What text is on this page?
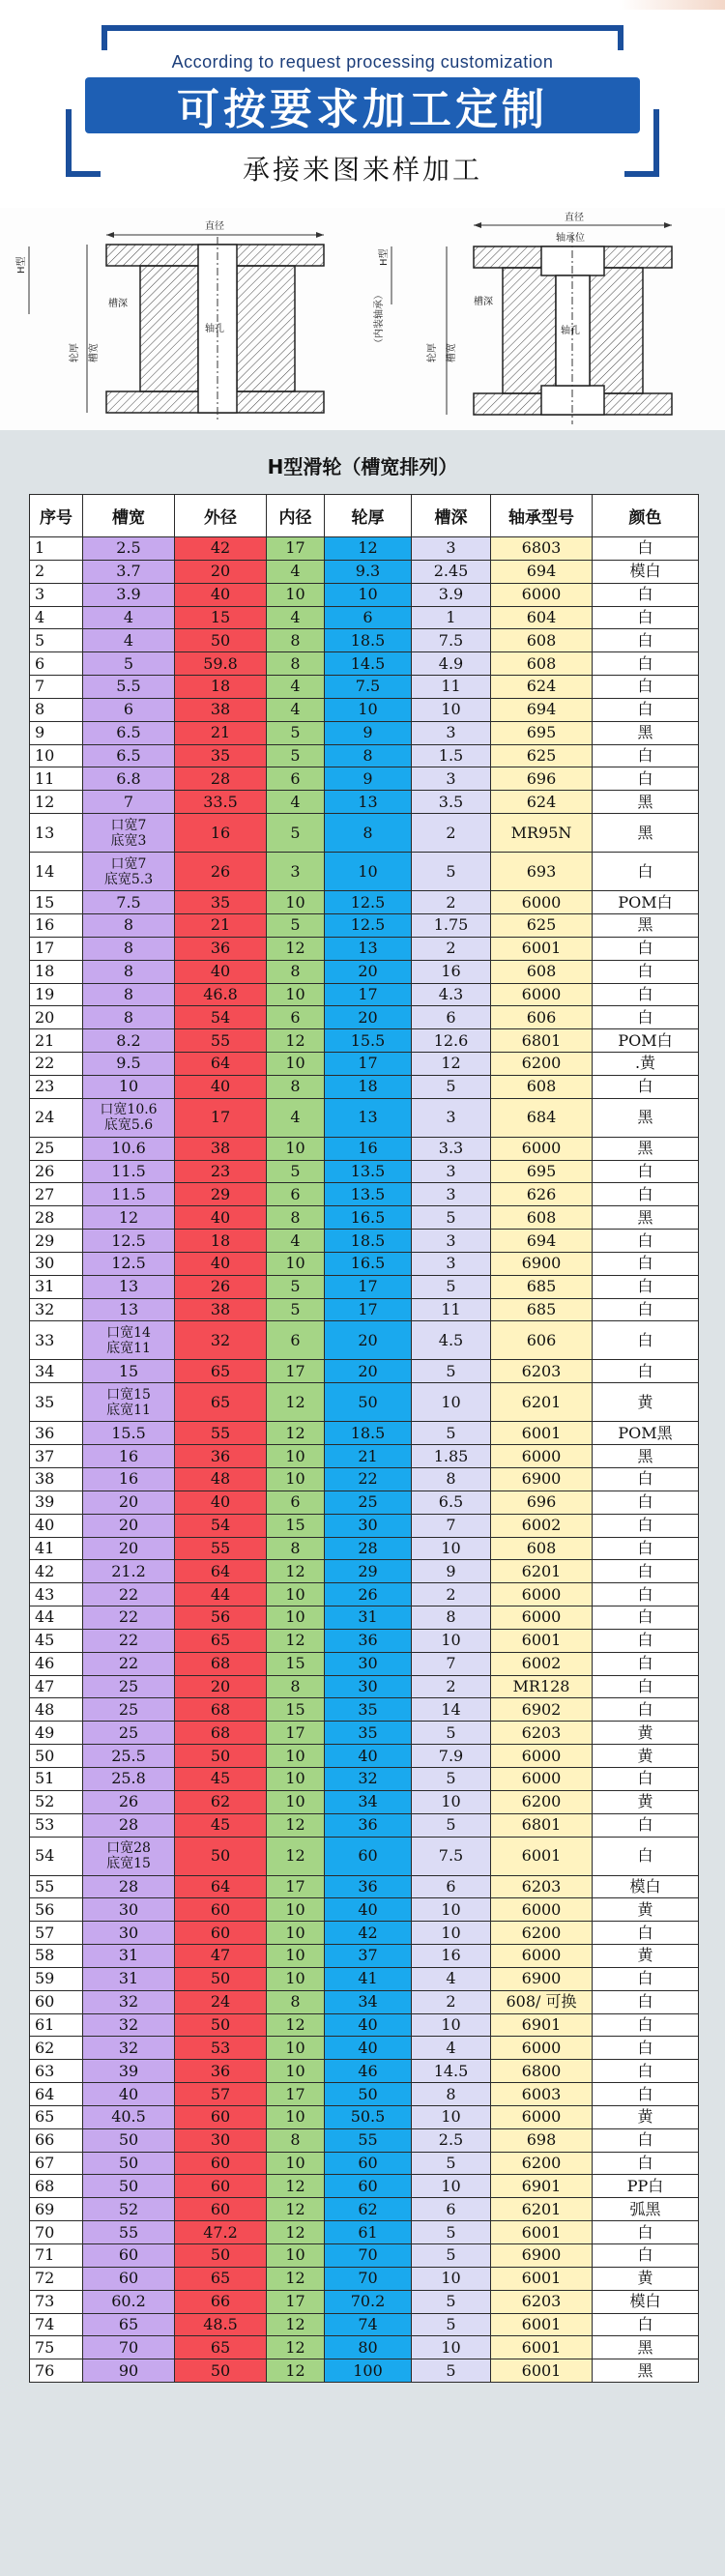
According to request processing customization
可按要求加工定制
承接来图来样加工
直径
轴孔
槽深
轮厚 槽宽
H型
直径
轴承位
轴孔
槽深
轮厚 槽宽
H型
（内装轴承）
H型滑轮（槽宽排列）
序号	槽宽	外径	内径	轮厚	槽深	轴承型号	颜色
1	2.5	42	17	12	3	6803	白
2	3.7	20	4	9.3	2.45	694	模白
3	3.9	40	10	10	3.9	6000	白
4	4	15	4	6	1	604	白
5	4	50	8	18.5	7.5	608	白
6	5	59.8	8	14.5	4.9	608	白
7	5.5	18	4	7.5	11	624	白
8	6	38	4	10	10	694	白
9	6.5	21	5	9	3	695	黑
10	6.5	35	5	8	1.5	625	白
11	6.8	28	6	9	3	696	白
12	7	33.5	4	13	3.5	624	黑
13	口宽7
底宽3	16	5	8	2	MR95N	黑
14	口宽7
底宽5.3	26	3	10	5	693	白
15	7.5	35	10	12.5	2	6000	POM白
16	8	21	5	12.5	1.75	625	黑
17	8	36	12	13	2	6001	白
18	8	40	8	20	16	608	白
19	8	46.8	10	17	4.3	6000	白
20	8	54	6	20	6	606	白
21	8.2	55	12	15.5	12.6	6801	POM白
22	9.5	64	10	17	12	6200	.黄
23	10	40	8	18	5	608	白
24	口宽10.6
底宽5.6	17	4	13	3	684	黑
25	10.6	38	10	16	3.3	6000	黑
26	11.5	23	5	13.5	3	695	白
27	11.5	29	6	13.5	3	626	白
28	12	40	8	16.5	5	608	黑
29	12.5	18	4	18.5	3	694	白
30	12.5	40	10	16.5	3	6900	白
31	13	26	5	17	5	685	白
32	13	38	5	17	11	685	白
33	口宽14
底宽11	32	6	20	4.5	606	白
34	15	65	17	20	5	6203	白
35	口宽15
底宽11	65	12	50	10	6201	黄
36	15.5	55	12	18.5	5	6001	POM黑
37	16	36	10	21	1.85	6000	黑
38	16	48	10	22	8	6900	白
39	20	40	6	25	6.5	696	白
40	20	54	15	30	7	6002	白
41	20	55	8	28	10	608	白
42	21.2	64	12	29	9	6201	白
43	22	44	10	26	2	6000	白
44	22	56	10	31	8	6000	白
45	22	65	12	36	10	6001	白
46	22	68	15	30	7	6002	白
47	25	20	8	30	2	MR128	白
48	25	68	15	35	14	6902	白
49	25	68	17	35	5	6203	黄
50	25.5	50	10	40	7.9	6000	黄
51	25.8	45	10	32	5	6000	白
52	26	62	10	34	10	6200	黄
53	28	45	12	36	5	6801	白
54	口宽28
底宽15	50	12	60	7.5	6001	白
55	28	64	17	36	6	6203	模白
56	30	60	10	40	10	6000	黄
57	30	60	10	42	10	6200	白
58	31	47	10	37	16	6000	黄
59	31	50	10	41	4	6900	白
60	32	24	8	34	2	608/ 可换	白
61	32	50	12	40	10	6901	白
62	32	53	10	40	4	6000	白
63	39	36	10	46	14.5	6800	白
64	40	57	17	50	8	6003	白
65	40.5	60	10	50.5	10	6000	黄
66	50	30	8	55	2.5	698	白
67	50	60	10	60	5	6200	白
68	50	60	12	60	10	6901	PP白
69	52	60	12	62	6	6201	弧黑
70	55	47.2	12	61	5	6001	白
71	60	50	10	70	5	6900	白
72	60	65	12	70	10	6001	黄
73	60.2	66	17	70.2	5	6203	模白
74	65	48.5	12	74	5	6001	白
75	70	65	12	80	10	6001	黑
76	90	50	12	100	5	6001	黑
